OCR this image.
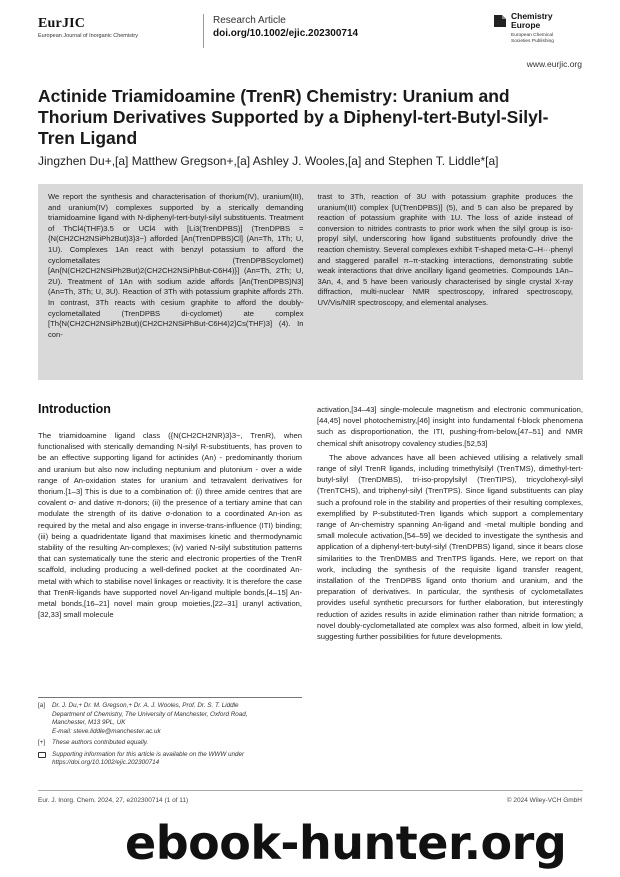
EurJIC
European Journal of Inorganic Chemistry
Research Article
doi.org/10.1002/ejic.202300714
Chemistry Europe
European Chemical Societies Publishing
www.eurjic.org
Actinide Triamidoamine (TrenR) Chemistry: Uranium and Thorium Derivatives Supported by a Diphenyl-tert-Butyl-Silyl-Tren Ligand
Jingzhen Du+,[a] Matthew Gregson+,[a] Ashley J. Wooles,[a] and Stephen T. Liddle*[a]
We report the synthesis and characterisation of thorium(IV), uranium(III), and uranium(IV) complexes supported by a sterically demanding triamidoamine ligand with N-diphenyl-tert-butyl-silyl substituents. Treatment of ThCl4(THF)3.5 or UCl4 with [Li3(TrenDPBS)] (TrenDPBS = {N(CH2CH2NSiPh2But)3}3−) afforded [An(TrenDPBS)Cl] (An=Th, 1Th; U, 1U). Complexes 1An react with benzyl potassium to afford the cyclometallates (TrenDPBScyclomet) [An{N(CH2CH2NSiPh2But)2(CH2CH2NSiPhBut-C6H4)}] (An=Th, 2Th; U, 2U). Treatment of 1An with sodium azide affords [An(TrenDPBS)N3] (An=Th, 3Th; U, 3U). Reaction of 3Th with potassium graphite affords 2Th. In contrast, 3Th reacts with cesium graphite to afford the doubly-cyclometallated (TrenDPBS di-cyclomet) ate complex [Th{N(CH2CH2NSiPh2But)(CH2CH2NSiPhBut-C6H4)2}Cs(THF)3] (4). In con-
trast to 3Th, reaction of 3U with potassium graphite produces the uranium(III) complex [U(TrenDPBS)] (5), and 5 can also be prepared by reaction of potassium graphite with 1U. The loss of azide instead of conversion to nitrides contrasts to prior work when the silyl group is iso-propyl silyl, underscoring how ligand substituents profoundly drive the reaction chemistry. Several complexes exhibit T-shaped meta-C–H···phenyl and staggered parallel π–π-stacking interactions, demonstrating subtle weak interactions that drive ancillary ligand geometries. Compounds 1An–3An, 4, and 5 have been variously characterised by single crystal X-ray diffraction, multi-nuclear NMR spectroscopy, infrared spectroscopy, UV/Vis/NIR spectroscopy, and elemental analyses.
Introduction

The triamidoamine ligand class ({N(CH2CH2NR)3}3−, TrenR), when functionalised with sterically demanding N-silyl R-substituents, has proven to be an effective supporting ligand for actinides (An) - predominantly thorium and uranium but also now including neptunium and plutonium - over a wide range of An-oxidation states for uranium and tetravalent derivatives for thorium.[1–3] This is due to a combination of: (i) three amide centres that are covalent σ- and dative π-donors; (ii) the presence of a tertiary amine that can modulate the strength of its dative σ-donation to a coordinated An-ion as required by the metal and also engage in inverse-trans-influence (ITI) binding; (iii) being a quadridentate ligand that maximises kinetic and thermodynamic stability of the resulting An-complexes; (iv) varied N-silyl substitution patterns that can systematically tune the steric and electronic properties of the TrenR scaffold, including producing a well-defined pocket at the coordinated An-metal with which to stabilise novel linkages or reactivity. It is therefore the case that TrenR-ligands have supported novel An-ligand multiple bonds,[4–15] An-metal bonds,[16–21] novel main group moieties,[22–31] uranyl activation,[32,33] small molecule

activation,[34–43] single-molecule magnetism and electronic communication,[44,45] novel photochemistry,[46] insight into fundamental f-block phenomena such as disproportionation, the ITI, pushing-from-below,[47–51] and NMR chemical shift anisotropy covalency studies.[52,53]

The above advances have all been achieved utilising a relatively small range of silyl TrenR ligands, including trimethylsilyl (TrenTMS), dimethyl-tert-butyl-silyl (TrenDMBS), tri-iso-propylsilyl (TrenTIPS), tricyclohexyl-silyl (TrenTCHS), and triphenyl-silyl (TrenTPS). Since ligand substituents can play such a profound role in the stability and properties of their resulting complexes, exemplified by P-substituted-Tren ligands which support a complementary range of An-chemistry spanning An-ligand and -metal multiple bonding and small molecule activation,[54–59] we decided to investigate the synthesis and application of a diphenyl-tert-butyl-silyl (TrenDPBS) ligand, since it bears close similarities to the TrenDMBS and TrenTPS ligands. Here, we report on that work, including the synthesis of the requisite ligand transfer reagent, installation of the TrenDPBS ligand onto thorium and uranium, and the preparation of derivatives. In particular, the synthesis of cyclometallates provides useful synthetic precursors for further elaboration, but interestingly reduction of azides results in azide elimination rather than nitride formation; a novel doubly-cyclometallated ate complex was also formed, albeit in low yield, suggesting further possibilities for future developments.

[a]	Dr. J. Du,+ Dr. M. Gregson,+ Dr. A. J. Wooles, Prof. Dr. S. T. Liddle
Department of Chemistry, The University of Manchester, Oxford Road,
Manchester, M13 9PL, UK
E-mail: steve.liddle@manchester.ac.uk
[+]	These authors contributed equally.
Supporting information for this article is available on the WWW under
https://doi.org/10.1002/ejic.202300714
Eur. J. Inorg. Chem. 2024, 27, e202300714 (1 of 11)	© 2024 Wiley-VCH GmbH
ebook-hunter.org
